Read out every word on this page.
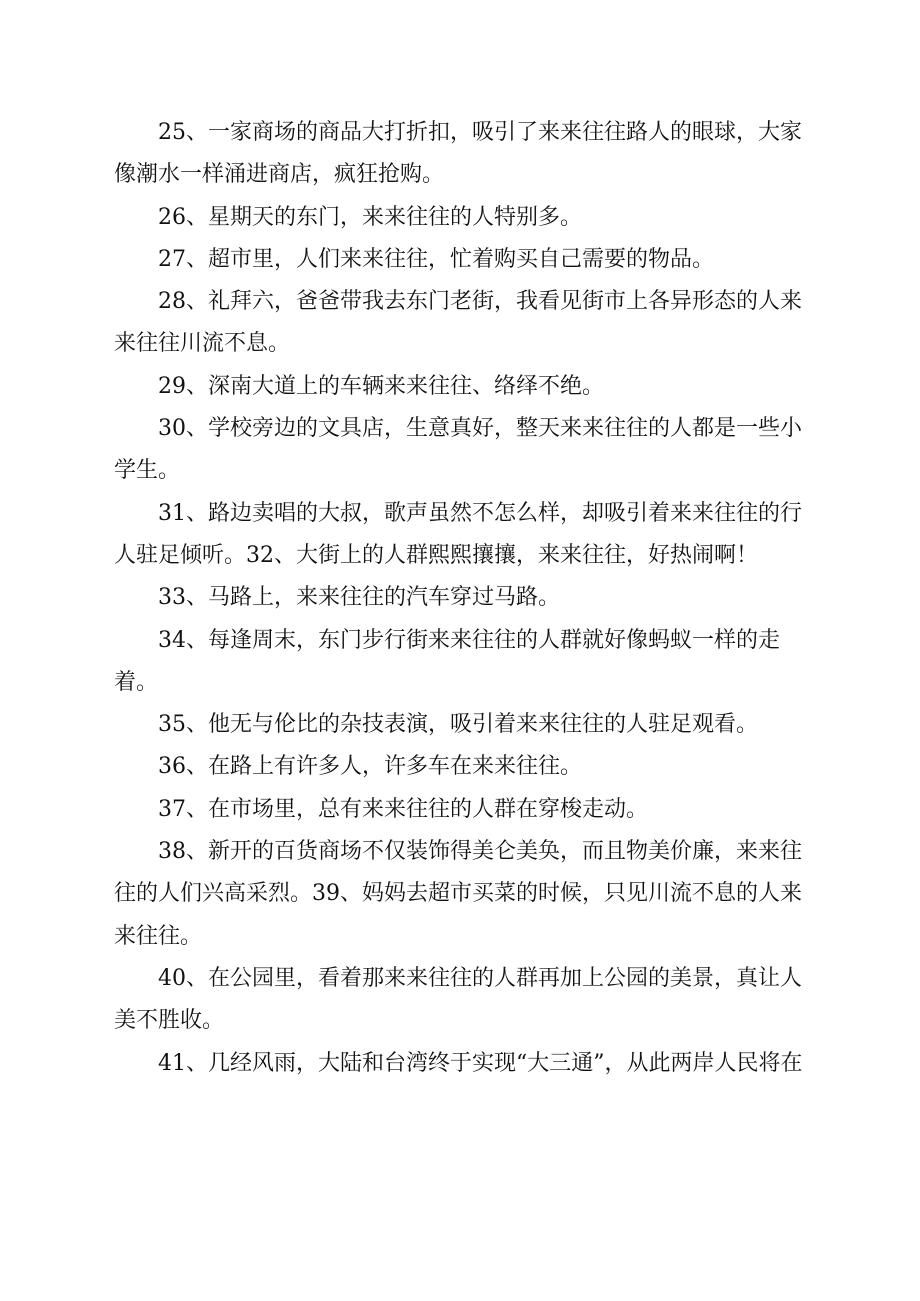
25、一家商场的商品大打折扣，吸引了来来往往路人的眼球，大家像潮水一样涌进商店，疯狂抢购。

26、星期天的东门，来来往往的人特别多。

27、超市里，人们来来往往，忙着购买自己需要的物品。

28、礼拜六，爸爸带我去东门老街，我看见街市上各异形态的人来来往往川流不息。

29、深南大道上的车辆来来往往、络绎不绝。

30、学校旁边的文具店，生意真好，整天来来往往的人都是一些小学生。

31、路边卖唱的大叔，歌声虽然不怎么样，却吸引着来来往往的行人驻足倾听。32、大街上的人群熙熙攘攘，来来往往，好热闹啊！

33、马路上，来来往往的汽车穿过马路。

34、每逢周末，东门步行街来来往往的人群就好像蚂蚁一样的走着。

35、他无与伦比的杂技表演，吸引着来来往往的人驻足观看。

36、在路上有许多人，许多车在来来往往。

37、在市场里，总有来来往往的人群在穿梭走动。

38、新开的百货商场不仅装饰得美仑美奂，而且物美价廉，来来往往的人们兴高采烈。39、妈妈去超市买菜的时候，只见川流不息的人来来往往。

40、在公园里，看着那来来往往的人群再加上公园的美景，真让人美不胜收。

41、几经风雨，大陆和台湾终于实现“大三通”，从此两岸人民将在
